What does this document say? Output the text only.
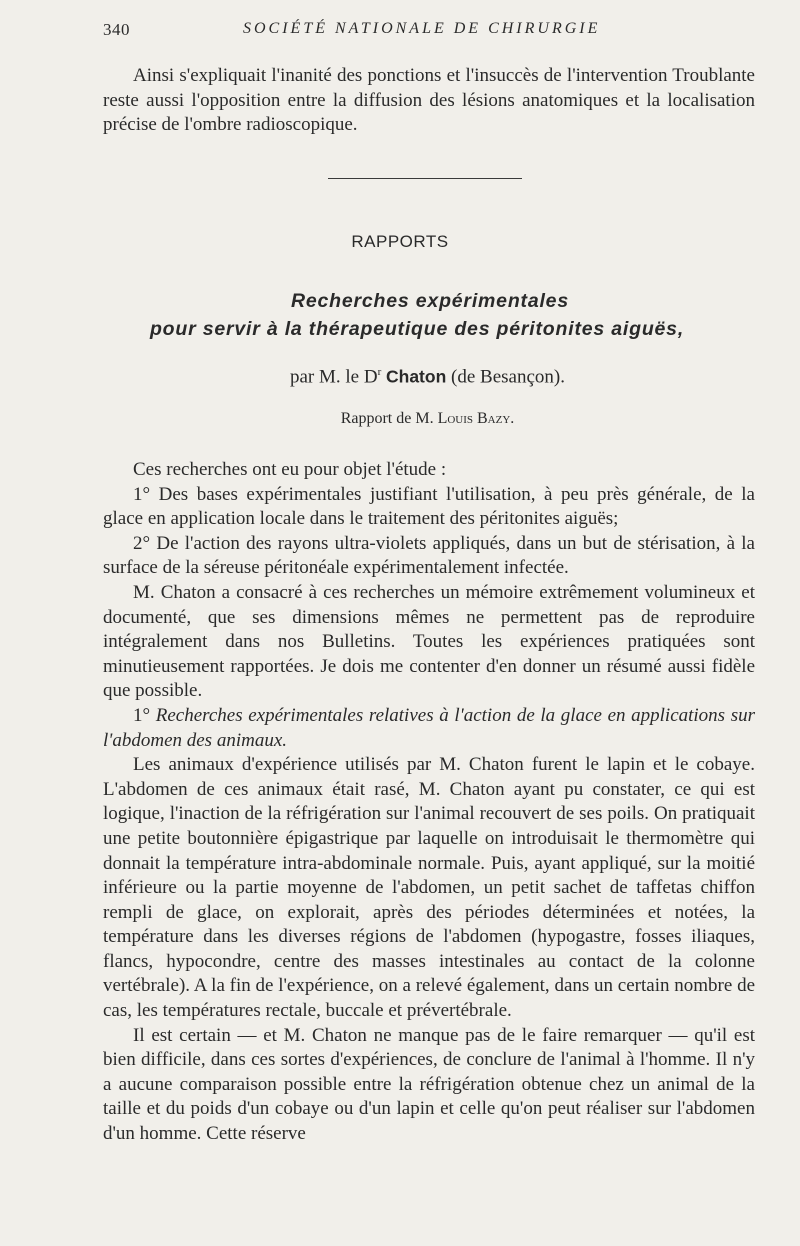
340	SOCIÉTÉ NATIONALE DE CHIRURGIE

Ainsi s'expliquait l'inanité des ponctions et l'insuccès de l'intervention Troublante reste aussi l'opposition entre la diffusion des lésions anatomiques et la localisation précise de l'ombre radioscopique.

RAPPORTS
Recherches expérimentales
pour servir à la thérapeutique des péritonites aiguës,
par M. le $D^r$ Chaton (de Besançon).
Rapport de M. Louis Bazy.

Ces recherches ont eu pour objet l'étude :

1° Des bases expérimentales justifiant l'utilisation, à peu près générale, de la glace en application locale dans le traitement des péritonites aiguës;

2° De l'action des rayons ultra-violets appliqués, dans un but de stérisation, à la surface de la séreuse péritonéale expérimentalement infectée.

M. Chaton a consacré à ces recherches un mémoire extrêmement volumineux et documenté, que ses dimensions mêmes ne permettent pas de reproduire intégralement dans nos Bulletins. Toutes les expériences pratiquées sont minutieusement rapportées. Je dois me contenter d'en donner un résumé aussi fidèle que possible.

1° Recherches expérimentales relatives à l'action de la glace en applications sur l'abdomen des animaux.

Les animaux d'expérience utilisés par M. Chaton furent le lapin et le cobaye. L'abdomen de ces animaux était rasé, M. Chaton ayant pu constater, ce qui est logique, l'inaction de la réfrigération sur l'animal recouvert de ses poils. On pratiquait une petite boutonnière épigastrique par laquelle on introduisait le thermomètre qui donnait la température intra-abdominale normale. Puis, ayant appliqué, sur la moitié inférieure ou la partie moyenne de l'abdomen, un petit sachet de taffetas chiffon rempli de glace, on explorait, après des périodes déterminées et notées, la température dans les diverses régions de l'abdomen (hypogastre, fosses iliaques, flancs, hypocondre, centre des masses intestinales au contact de la colonne vertébrale). A la fin de l'expérience, on a relevé également, dans un certain nombre de cas, les températures rectale, buccale et prévertébrale.

Il est certain — et M. Chaton ne manque pas de le faire remarquer — qu'il est bien difficile, dans ces sortes d'expériences, de conclure de l'animal à l'homme. Il n'y a aucune comparaison possible entre la réfrigération obtenue chez un animal de la taille et du poids d'un cobaye ou d'un lapin et celle qu'on peut réaliser sur l'abdomen d'un homme. Cette réserve
